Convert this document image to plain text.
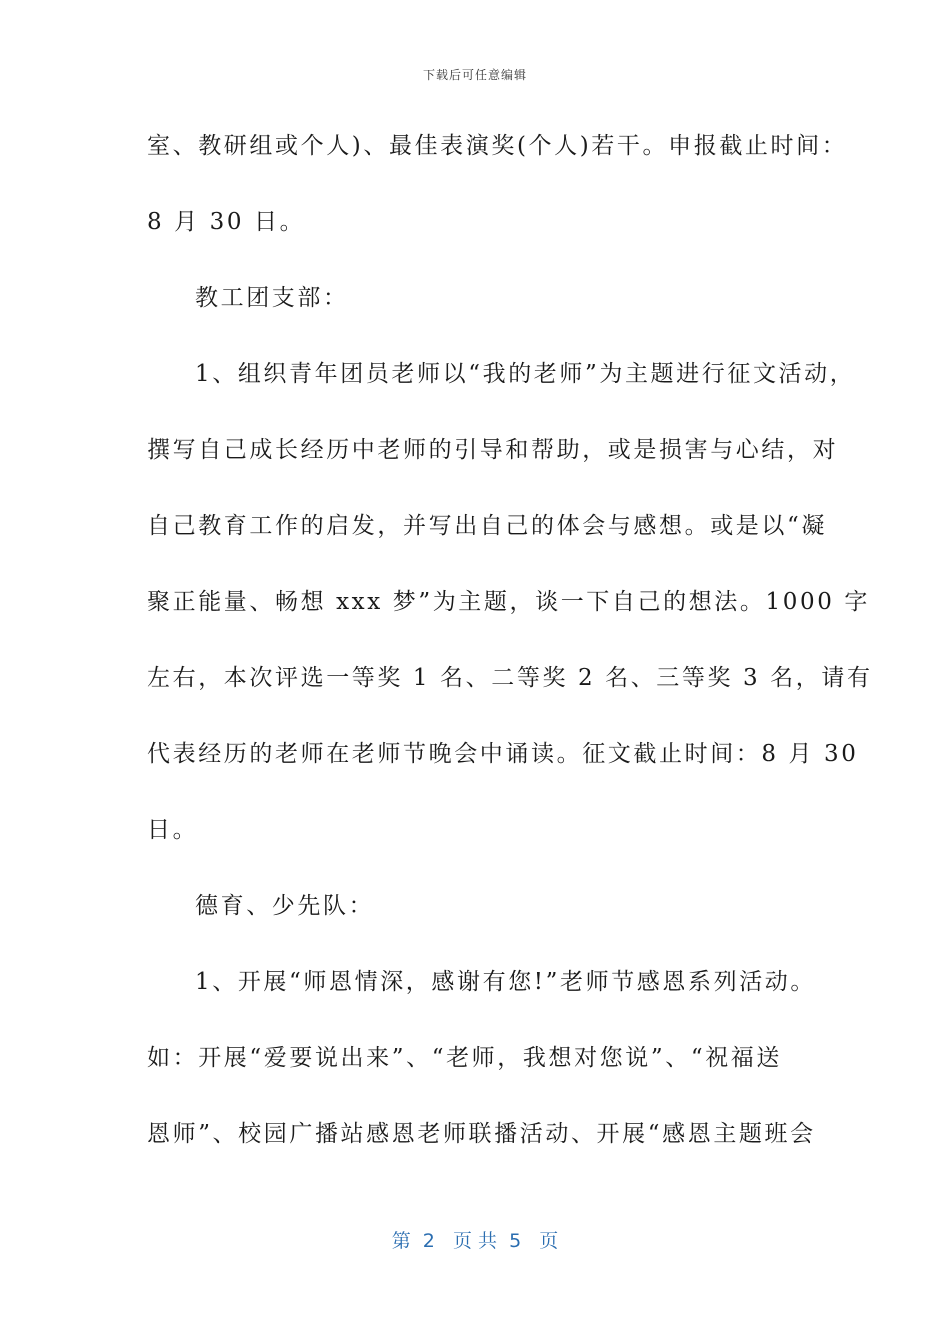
下载后可任意编辑
室、教研组或个人)、最佳表演奖(个人)若干。申报截止时间：
8 月 30 日。
教工团支部：
1、组织青年团员老师以“我的老师”为主题进行征文活动，
撰写自己成长经历中老师的引导和帮助，或是损害与心结，对
自己教育工作的启发，并写出自己的体会与感想。或是以“凝
聚正能量、畅想 xxx 梦”为主题，谈一下自己的想法。1000 字
左右，本次评选一等奖 1 名、二等奖 2 名、三等奖 3 名，请有
代表经历的老师在老师节晚会中诵读。征文截止时间：8 月 30
日。
德育、少先队：
1、开展“师恩情深，感谢有您!”老师节感恩系列活动。
如：开展“爱要说出来”、“老师，我想对您说”、“祝福送
恩师”、校园广播站感恩老师联播活动、开展“感恩主题班会
第  2   页 共  5   页
